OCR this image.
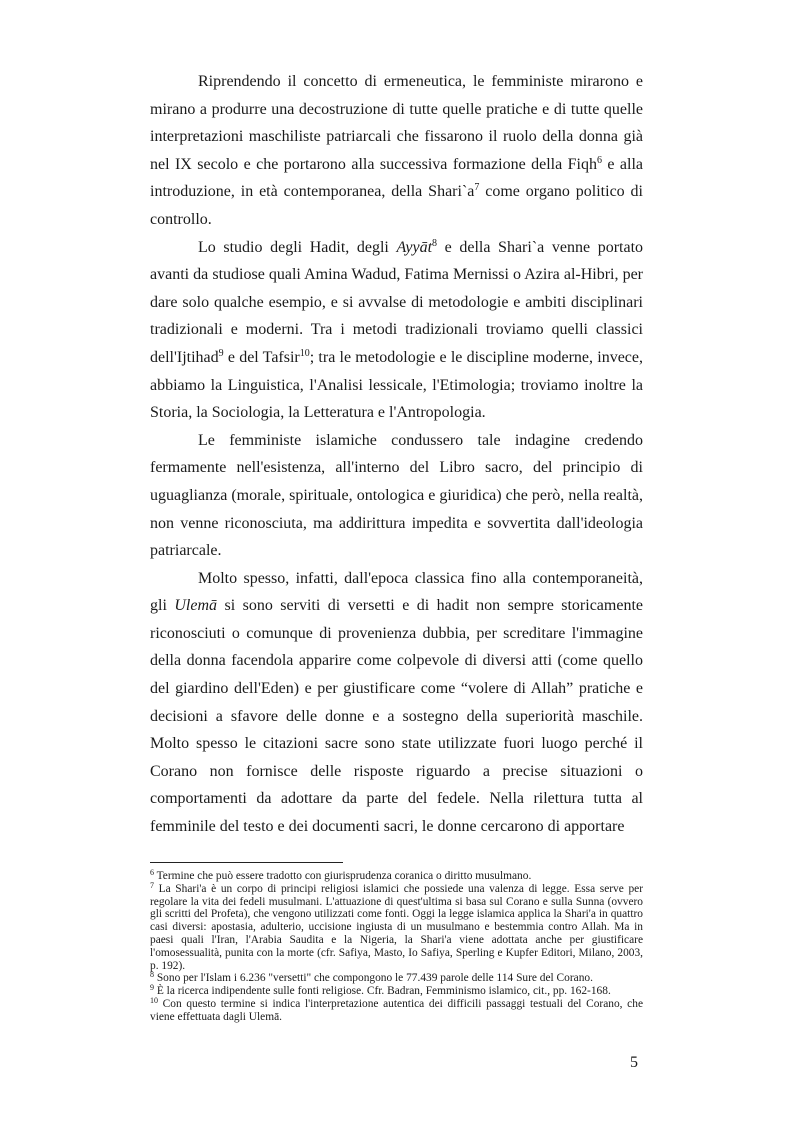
Riprendendo il concetto di ermeneutica, le femministe mirarono e mirano a produrre una decostruzione di tutte quelle pratiche e di tutte quelle interpretazioni maschiliste patriarcali che fissarono il ruolo della donna già nel IX secolo e che portarono alla successiva formazione della Fiqh$^6$ e alla introduzione, in età contemporanea, della $Shari`a^7$ come organo politico di controllo.

Lo studio degli Hadit, degli Ayyāt$^8$ e della Shari`a venne portato avanti da studiose quali Amina Wadud, Fatima Mernissi o Azira al-Hibri, per dare solo qualche esempio, e si avvalse di metodologie e ambiti disciplinari tradizionali e moderni. Tra i metodi tradizionali troviamo quelli classici dell'Ijtihad$^9$ e del Tafsir$^{10}$; tra le metodologie e le discipline moderne, invece, abbiamo la Linguistica, l'Analisi lessicale, l'Etimologia; troviamo inoltre la Storia, la Sociologia, la Letteratura e l'Antropologia.

Le femministe islamiche condussero tale indagine credendo fermamente nell'esistenza, all'interno del Libro sacro, del principio di uguaglianza (morale, spirituale, ontologica e giuridica) che però, nella realtà, non venne riconosciuta, ma addirittura impedita e sovvertita dall'ideologia patriarcale.

Molto spesso, infatti, dall'epoca classica fino alla contemporaneità, gli Ulemā si sono serviti di versetti e di hadit non sempre storicamente riconosciuti o comunque di provenienza dubbia, per screditare l'immagine della donna facendola apparire come colpevole di diversi atti (come quello del giardino dell'Eden) e per giustificare come “volere di Allah” pratiche e decisioni a sfavore delle donne e a sostegno della superiorità maschile. Molto spesso le citazioni sacre sono state utilizzate fuori luogo perché il Corano non fornisce delle risposte riguardo a precise situazioni o comportamenti da adottare da parte del fedele. Nella rilettura tutta al femminile del testo e dei documenti sacri, le donne cercarono di apportare

$^6$ Termine che può essere tradotto con giurisprudenza coranica o diritto musulmano.

$^7$ La Shari'a è un corpo di principi religiosi islamici che possiede una valenza di legge. Essa serve per regolare la vita dei fedeli musulmani. L'attuazione di quest'ultima si basa sul Corano e sulla Sunna (ovvero gli scritti del Profeta), che vengono utilizzati come fonti. Oggi la legge islamica applica la Shari'a in quattro casi diversi: apostasia, adulterio, uccisione ingiusta di un musulmano e bestemmia contro Allah. Ma in paesi quali l'Iran, l'Arabia Saudita e la Nigeria, la Shari'a viene adottata anche per giustificare l'omosessualità, punita con la morte (cfr. Safiya, Masto, Io Safiya, Sperling e Kupfer Editori, Milano, 2003, p. 192).

$^8$ Sono per l'Islam i 6.236 "versetti" che compongono le 77.439 parole delle 114 Sure del Corano.

$^9$ È la ricerca indipendente sulle fonti religiose. Cfr. Badran, Femminismo islamico, cit., pp. 162-168.

$^{10}$ Con questo termine si indica l'interpretazione autentica dei difficili passaggi testuali del Corano, che viene effettuata dagli Ulemā.

5
